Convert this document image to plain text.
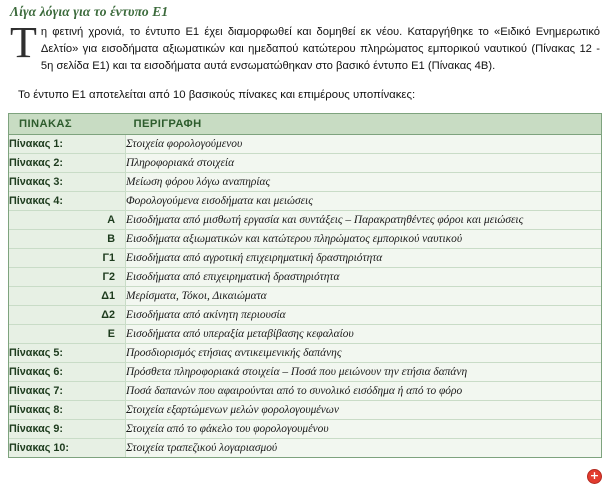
Λίγα λόγια για το έντυπο Ε1
Τη φετινή χρονιά, το έντυπο Ε1 έχει διαμορφωθεί και δομηθεί εκ νέου. Καταργήθηκε το «Ειδικό Ενημερωτικό Δελτίο» για εισοδήματα αξιωματικών και ημεδαπού κατώτερου πληρώματος εμπορικού ναυτικού (Πίνακας 12 - 5η σελίδα Ε1) και τα εισοδήματα αυτά ενσωματώθηκαν στο βασικό έντυπο Ε1 (Πίνακας 4Β).
Το έντυπο Ε1 αποτελείται από 10 βασικούς πίνακες και επιμέρους υποπίνακες:
ΠΙΝΑΚΑΣ	ΠΕΡΙΓΡΑΦΗ
Πίνακας 1:	Στοιχεία φορολογούμενου
Πίνακας 2:	Πληροφοριακά στοιχεία
Πίνακας 3:	Μείωση φόρου λόγω αναπηρίας
Πίνακας 4:	Φορολογούμενα εισοδήματα και μειώσεις
Α	Εισοδήματα από μισθωτή εργασία και συντάξεις – Παρακρατηθέντες φόροι και μειώσεις
Β	Εισοδήματα αξιωματικών και κατώτερου πληρώματος εμπορικού ναυτικού
Γ1	Εισοδήματα από αγροτική επιχειρηματική δραστηριότητα
Γ2	Εισοδήματα από επιχειρηματική δραστηριότητα
Δ1	Μερίσματα, Τόκοι, Δικαιώματα
Δ2	Εισοδήματα από ακίνητη περιουσία
Ε	Εισοδήματα από υπεραξία μεταβίβασης κεφαλαίου
Πίνακας 5:	Προσδιορισμός ετήσιας αντικειμενικής δαπάνης
Πίνακας 6:	Πρόσθετα πληροφοριακά στοιχεία – Ποσά που μειώνουν την ετήσια δαπάνη
Πίνακας 7:	Ποσά δαπανών που αφαιρούνται από το συνολικό εισόδημα ή από το φόρο
Πίνακας 8:	Στοιχεία εξαρτώμενων μελών φορολογουμένων
Πίνακας 9:	Στοιχεία από το φάκελο του φορολογουμένου
Πίνακας 10:	Στοιχεία τραπεζικού λογαριασμού
+
